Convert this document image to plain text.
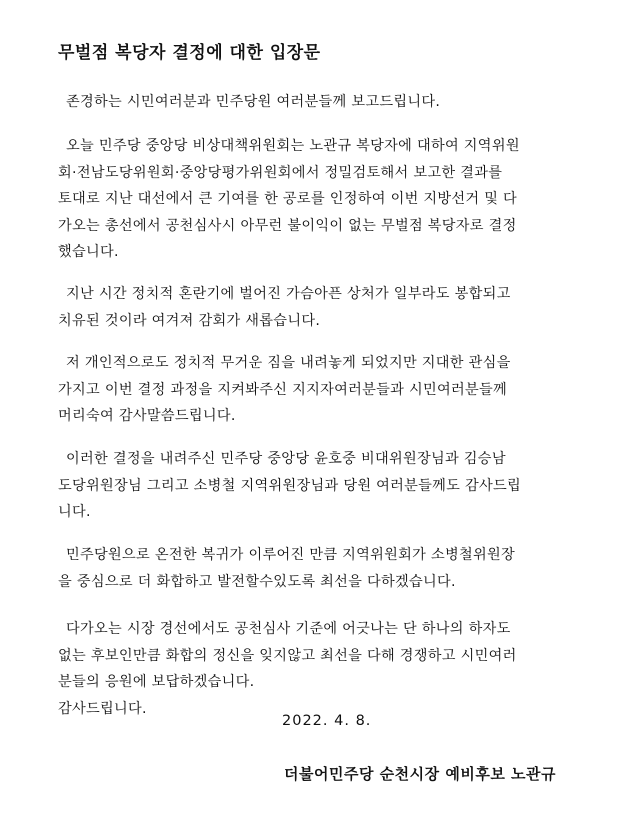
무벌점 복당자 결정에 대한 입장문
존경하는 시민여러분과 민주당원 여러분들께 보고드립니다.
오늘 민주당 중앙당 비상대책위원회는 노관규 복당자에 대하여 지역위원
회·전남도당위원회·중앙당평가위원회에서 정밀검토해서 보고한 결과를
토대로 지난 대선에서 큰 기여를 한 공로를 인정하여 이번 지방선거 및 다
가오는 총선에서 공천심사시 아무런 불이익이 없는 무벌점 복당자로 결정
했습니다.
지난 시간 정치적 혼란기에 벌어진 가슴아픈 상처가 일부라도 봉합되고
치유된 것이라 여겨져 감회가 새롭습니다.
저 개인적으로도 정치적 무거운 짐을 내려놓게 되었지만 지대한 관심을
가지고 이번 결정 과정을 지켜봐주신 지지자여러분들과 시민여러분들께
머리숙여 감사말씀드립니다.
이러한 결정을 내려주신 민주당 중앙당 윤호중 비대위원장님과 김승남
도당위원장님 그리고 소병철 지역위원장님과 당원 여러분들께도 감사드립
니다.
민주당원으로 온전한 복귀가 이루어진 만큼 지역위원회가 소병철위원장
을 중심으로 더 화합하고 발전할수있도록 최선을 다하겠습니다.
다가오는 시장 경선에서도 공천심사 기준에 어긋나는 단 하나의 하자도
없는 후보인만큼 화합의 정신을 잊지않고 최선을 다해 경쟁하고 시민여러
분들의 응원에 보답하겠습니다.
감사드립니다.
2022. 4. 8.
더불어민주당 순천시장 예비후보 노관규
